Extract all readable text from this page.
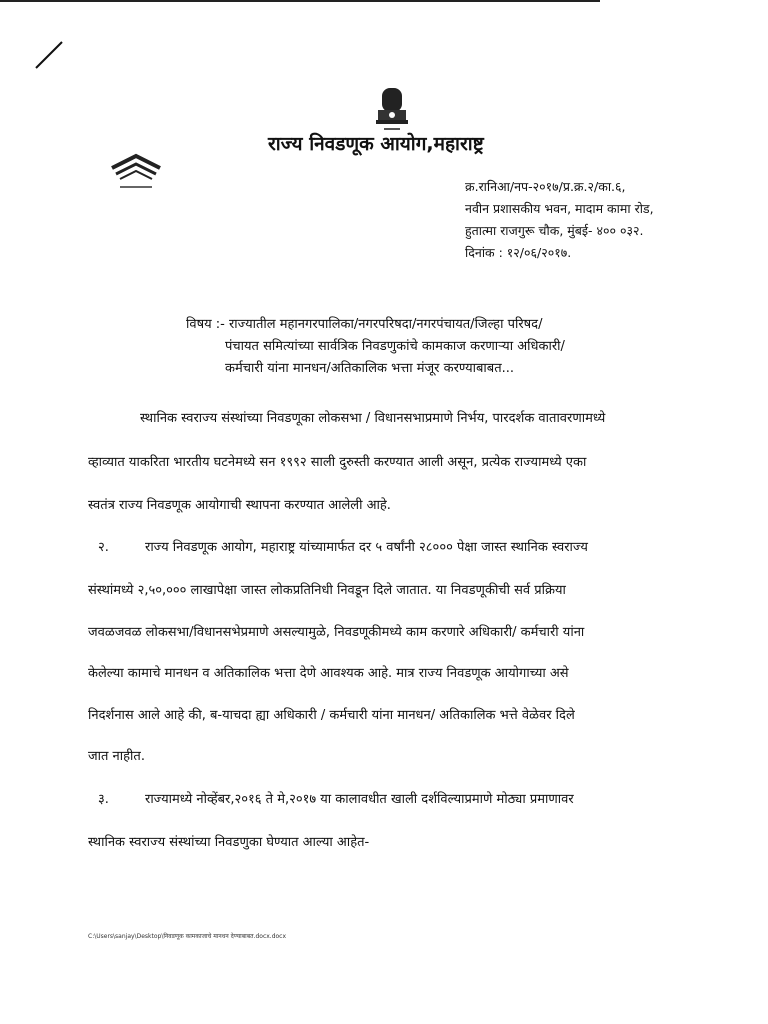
राज्य निवडणूक आयोग,महाराष्ट्र
क्र.रानिआ/नप-२०१७/प्र.क्र.२/का.६,
नवीन प्रशासकीय भवन, मादाम कामा रोड,
हुतात्मा राजगुरू चौक, मुंबई- ४०० ०३२.
दिनांक : १२/०६/२०१७.
विषय :- राज्यातील महानगरपालिका/नगरपरिषदा/नगरपंचायत/जिल्हा परिषद/
पंचायत समित्यांच्या सार्वत्रिक निवडणुकांचे कामकाज करणाऱ्या अधिकारी/
कर्मचारी यांना मानधन/अतिकालिक भत्ता मंजूर करण्याबाबत...
स्थानिक स्वराज्य संस्थांच्या निवडणूका लोकसभा / विधानसभाप्रमाणे निर्भय, पारदर्शक वातावरणामध्ये
व्हाव्यात याकरिता भारतीय घटनेमध्ये सन १९९२ साली दुरुस्ती करण्यात आली असून, प्रत्येक राज्यामध्ये एका
स्वतंत्र राज्य निवडणूक आयोगाची स्थापना करण्यात आलेली आहे.
२.	राज्य निवडणूक आयोग, महाराष्ट्र यांच्यामार्फत दर ५ वर्षांनी २८००० पेक्षा जास्त स्थानिक स्वराज्य
संस्थांमध्ये २,५०,००० लाखापेक्षा जास्त लोकप्रतिनिधी निवडून दिले जातात. या निवडणूकीची सर्व प्रक्रिया
जवळजवळ लोकसभा/विधानसभेप्रमाणे असल्यामुळे, निवडणूकीमध्ये काम करणारे अधिकारी/ कर्मचारी यांना
केलेल्या कामाचे मानधन व अतिकालिक भत्ता देणे आवश्यक आहे. मात्र राज्य निवडणूक आयोगाच्या असे
निदर्शनास आले आहे की, ब-याचदा ह्या अधिकारी / कर्मचारी यांना मानधन/ अतिकालिक भत्ते वेळेवर दिले
जात नाहीत.
३.	राज्यामध्ये नोव्हेंबर,२०१६ ते मे,२०१७ या कालावधीत खाली दर्शविल्याप्रमाणे मोठ्या प्रमाणावर
स्थानिक स्वराज्य संस्थांच्या निवडणुका घेण्यात आल्या आहेत-
C:\Users\sanjay\Desktop\निवडणूक कामकाजाचे मानधन देण्याबाबत.docx.docx
